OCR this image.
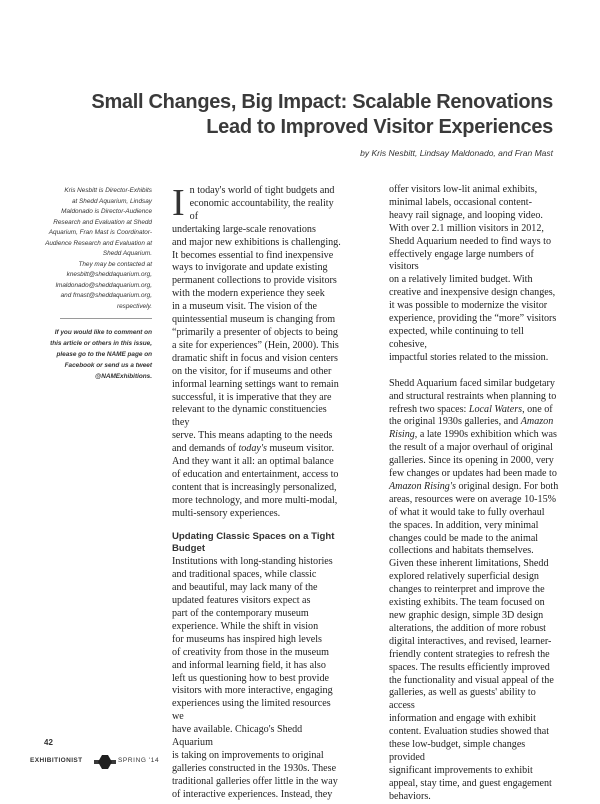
Small Changes, Big Impact: Scalable Renovations
Lead to Improved Visitor Experiences
by Kris Nesbitt, Lindsay Maldonado, and Fran Mast
Kris Nesbitt is Director-Exhibits
at Shedd Aquarium, Lindsay
Maldonado is Director-Audience
Research and Evaluation at Shedd
Aquarium, Fran Mast is Coordinator-
Audience Research and Evaluation at
Shedd Aquarium.
They may be contacted at
knesbitt@sheddaquarium.org,
lmaldonado@sheddaquarium.org,
and fmast@sheddaquarium.org,
respectively.
If you would like to comment on
this article or others in this issue,
please go to the NAME page on
Facebook or send us a tweet
@NAMExhibitions.
I n today's world of tight budgets and

economic accountability, the reality of

undertaking large-scale renovations

and major new exhibitions is challenging.

It becomes essential to find inexpensive

ways to invigorate and update existing

permanent collections to provide visitors

with the modern experience they seek

in a museum visit. The vision of the

quintessential museum is changing from

“primarily a presenter of objects to being

a site for experiences” (Hein, 2000). This

dramatic shift in focus and vision centers

on the visitor, for if museums and other

informal learning settings want to remain

successful, it is imperative that they are

relevant to the dynamic constituencies they

serve. This means adapting to the needs

and demands of today's museum visitor.

And they want it all: an optimal balance

of education and entertainment, access to

content that is increasingly personalized,

more technology, and more multi-modal,

multi-sensory experiences.

Updating Classic Spaces on a Tight Budget

Institutions with long-standing histories

and traditional spaces, while classic

and beautiful, may lack many of the

updated features visitors expect as

part of the contemporary museum

experience. While the shift in vision

for museums has inspired high levels

of creativity from those in the museum

and informal learning field, it has also

left us questioning how to best provide

visitors with more interactive, engaging

experiences using the limited resources we

have available. Chicago's Shedd Aquarium

is taking on improvements to original

galleries constructed in the 1930s. These

traditional galleries offer little in the way

of interactive experiences. Instead, they

offer visitors low-lit animal exhibits,

minimal labels, occasional content-

heavy rail signage, and looping video.

With over 2.1 million visitors in 2012,

Shedd Aquarium needed to find ways to

effectively engage large numbers of visitors

on a relatively limited budget. With

creative and inexpensive design changes,

it was possible to modernize the visitor

experience, providing the “more” visitors

expected, while continuing to tell cohesive,

impactful stories related to the mission.

Shedd Aquarium faced similar budgetary

and structural restraints when planning to

refresh two spaces: Local Waters, one of

the original 1930s galleries, and Amazon

Rising, a late 1990s exhibition which was

the result of a major overhaul of original

galleries. Since its opening in 2000, very

few changes or updates had been made to

Amazon Rising's original design. For both

areas, resources were on average 10-15%

of what it would take to fully overhaul

the spaces. In addition, very minimal

changes could be made to the animal

collections and habitats themselves.

Given these inherent limitations, Shedd

explored relatively superficial design

changes to reinterpret and improve the

existing exhibits. The team focused on

new graphic design, simple 3D design

alterations, the addition of more robust

digital interactives, and revised, learner-

friendly content strategies to refresh the

spaces. The results efficiently improved

the functionality and visual appeal of the

galleries, as well as guests' ability to access

information and engage with exhibit

content. Evaluation studies showed that

these low-budget, simple changes provided

significant improvements to exhibit

appeal, stay time, and guest engagement

behaviors.

42
EXHIBITIONIST	SPRING '14
